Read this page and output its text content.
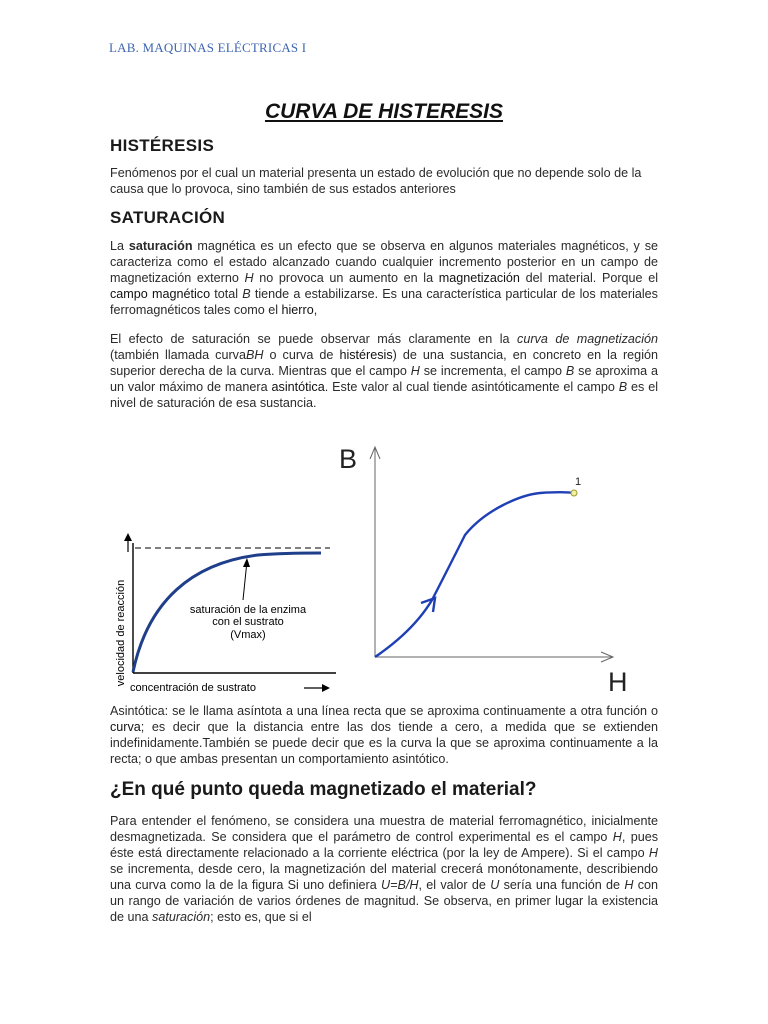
LAB. MAQUINAS ELÉCTRICAS I
CURVA DE HISTERESIS
HISTÉRESIS
Fenómenos por el cual un material presenta un estado de evolución que no depende solo de la causa que lo provoca, sino también de sus estados anteriores
SATURACIÓN
La saturación magnética es un efecto que se observa en algunos materiales magnéticos, y se caracteriza como el estado alcanzado cuando cualquier incremento posterior en un campo de magnetización externo H no provoca un aumento en la magnetización del material. Porque el campo magnético total B tiende a estabilizarse. Es una característica particular de los materiales ferromagnéticos tales como el hierro,
El efecto de saturación se puede observar más claramente en la curva de magnetización (también llamada curvaBH o curva de histéresis) de una sustancia, en concreto en la región superior derecha de la curva. Mientras que el campo H se incrementa, el campo B se aproxima a un valor máximo de manera asintótica. Este valor al cual tiende asintóticamente el campo B es el nivel de saturación de esa sustancia.
velocidad de reacción
concentración de sustrato
saturación de la enzima
con el sustrato
(Vmax)
1
B
H
Asintótica: se le llama asíntota a una línea recta que se aproxima continuamente a otra función o curva; es decir que la distancia entre las dos tiende a cero, a medida que se extienden indefinidamente.También se puede decir que es la curva la que se aproxima continuamente a la recta; o que ambas presentan un comportamiento asintótico.
¿En qué punto queda magnetizado el material?
Para entender el fenómeno, se considera una muestra de material ferromagnético, inicialmente desmagnetizada. Se considera que el parámetro de control experimental es el campo H, pues éste está directamente relacionado a la corriente eléctrica (por la ley de Ampere). Si el campo H se incrementa, desde cero, la magnetización del material crecerá monótonamente, describiendo una curva como la de la figura Si uno definiera U=B/H, el valor de U sería una función de H con un rango de variación de varios órdenes de magnitud. Se observa, en primer lugar la existencia de una saturación; esto es, que si el
